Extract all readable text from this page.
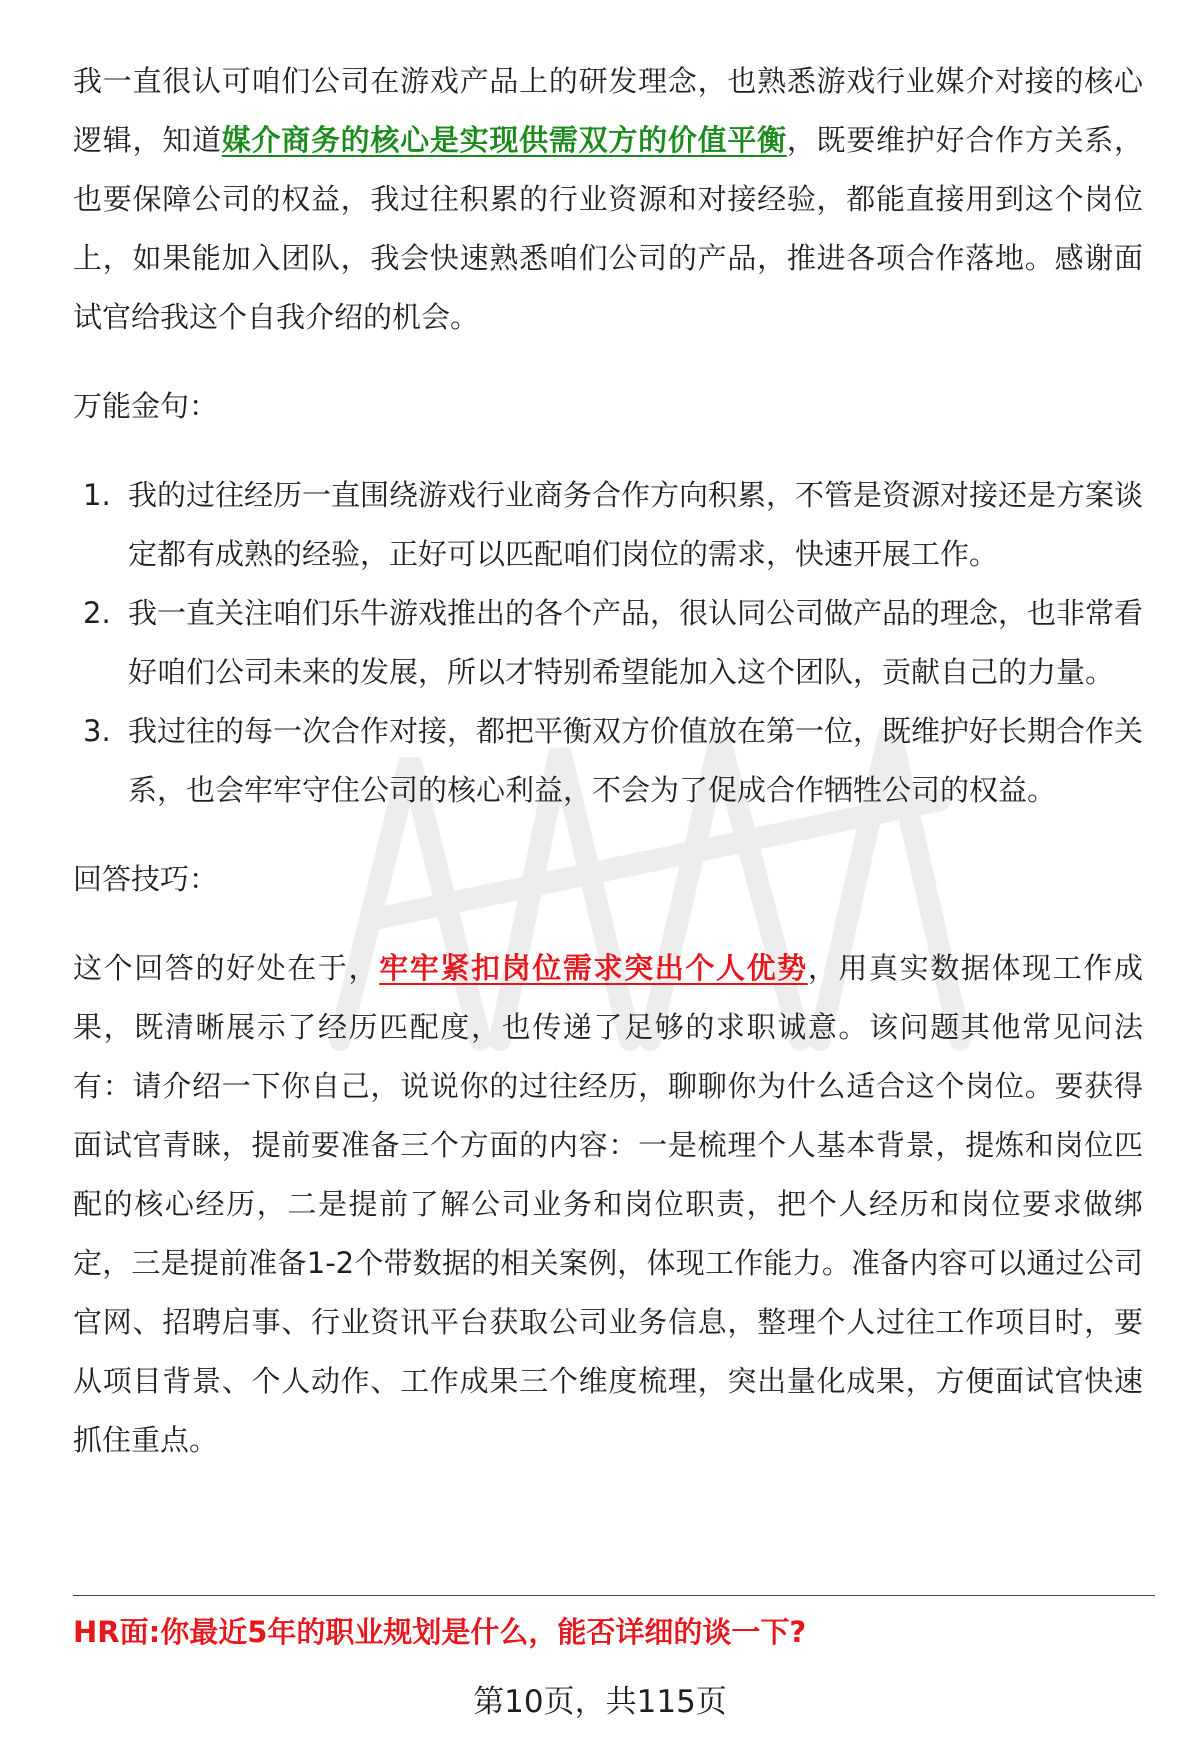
我一直很认可咱们公司在游戏产品上的研发理念，也熟悉游戏行业媒介对接的核心逻辑，知道媒介商务的核心是实现供需双方的价值平衡，既要维护好合作方关系，也要保障公司的权益，我过往积累的行业资源和对接经验，都能直接用到这个岗位上，如果能加入团队，我会快速熟悉咱们公司的产品，推进各项合作落地。感谢面试官给我这个自我介绍的机会。

万能金句：

1. 我的过往经历一直围绕游戏行业商务合作方向积累，不管是资源对接还是方案谈定都有成熟的经验，正好可以匹配咱们岗位的需求，快速开展工作。
2. 我一直关注咱们乐牛游戏推出的各个产品，很认同公司做产品的理念，也非常看好咱们公司未来的发展，所以才特别希望能加入这个团队，贡献自己的力量。
3. 我过往的每一次合作对接，都把平衡双方价值放在第一位，既维护好长期合作关系，也会牢牢守住公司的核心利益，不会为了促成合作牺牲公司的权益。

回答技巧：

这个回答的好处在于，牢牢紧扣岗位需求突出个人优势，用真实数据体现工作成果，既清晰展示了经历匹配度，也传递了足够的求职诚意。该问题其他常见问法有：请介绍一下你自己，说说你的过往经历，聊聊你为什么适合这个岗位。要获得面试官青睐，提前要准备三个方面的内容：一是梳理个人基本背景，提炼和岗位匹配的核心经历，二是提前了解公司业务和岗位职责，把个人经历和岗位要求做绑定，三是提前准备1-2个带数据的相关案例，体现工作能力。准备内容可以通过公司官网、招聘启事、行业资讯平台获取公司业务信息，整理个人过往工作项目时，要从项目背景、个人动作、工作成果三个维度梳理，突出量化成果，方便面试官快速抓住重点。

HR面:你最近5年的职业规划是什么，能否详细的谈一下?
第10页，共115页
